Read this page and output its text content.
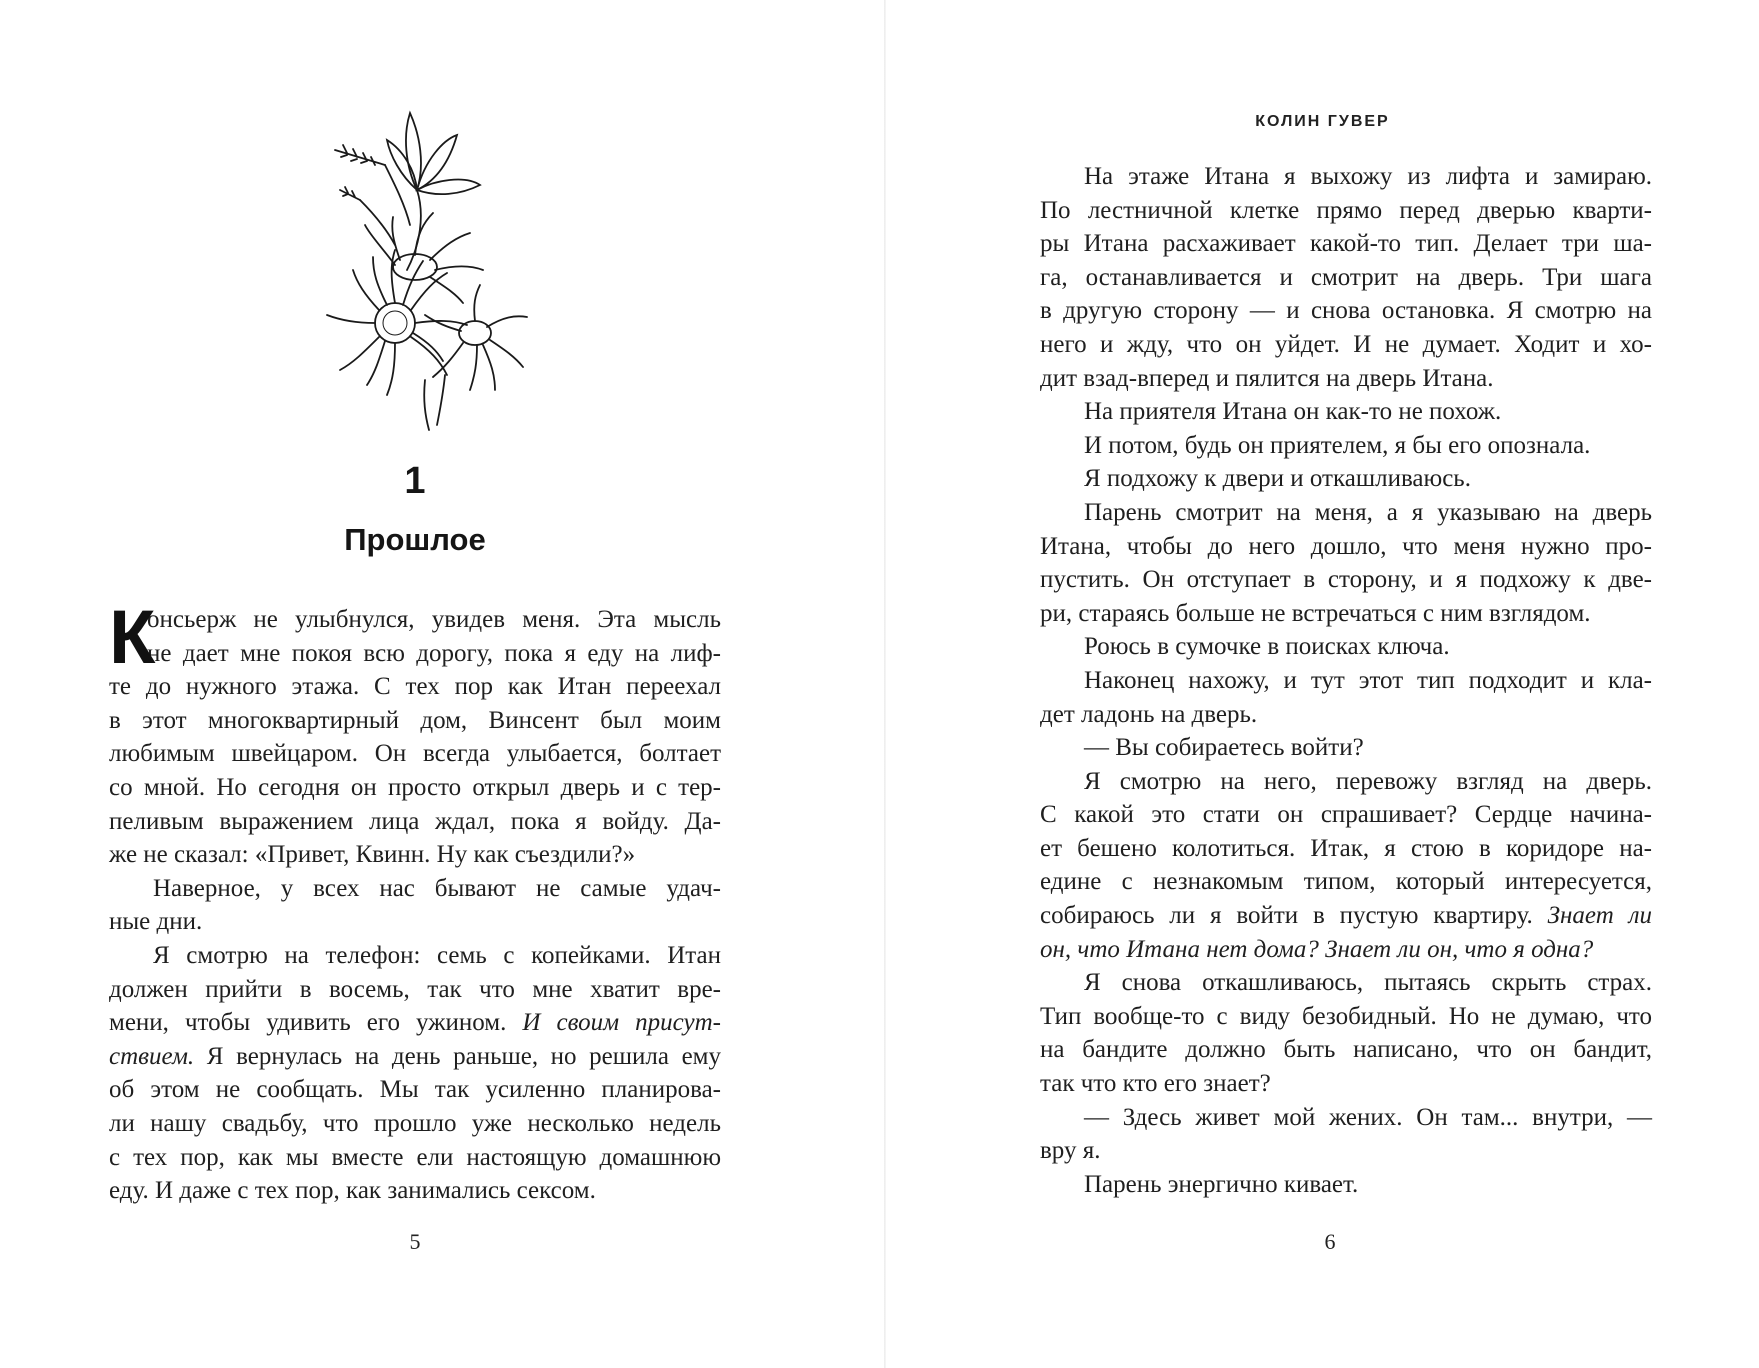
1
Прошлое
К
онсьерж не улыбнулся, увидев меня. Эта мысль
не дает мне покоя всю дорогу, пока я еду на лиф-
те до нужного этажа. С тех пор как Итан переехал
в этот многоквартирный дом, Винсент был моим
любимым швейцаром. Он всегда улыбается, болтает
со мной. Но сегодня он просто открыл дверь и с тер-
пеливым выражением лица ждал, пока я войду. Да-
же не сказал: «Привет, Квинн. Ну как съездили?»
Наверное, у всех нас бывают не самые удач-
ные дни.
Я смотрю на телефон: семь с копейками. Итан
должен прийти в восемь, так что мне хватит вре-
мени, чтобы удивить его ужином. И своим присут-
ствием. Я вернулась на день раньше, но решила ему
об этом не сообщать. Мы так усиленно планирова-
ли нашу свадьбу, что прошло уже несколько недель
с тех пор, как мы вместе ели настоящую домашнюю
еду. И даже с тех пор, как занимались сексом.
5
КОЛИН ГУВЕР
На этаже Итана я выхожу из лифта и замираю.
По лестничной клетке прямо перед дверью кварти-
ры Итана расхаживает какой-то тип. Делает три ша-
га, останавливается и смотрит на дверь. Три шага
в другую сторону — и снова остановка. Я смотрю на
него и жду, что он уйдет. И не думает. Ходит и хо-
дит взад-вперед и пялится на дверь Итана.
На приятеля Итана он как-то не похож.
И потом, будь он приятелем, я бы его опознала.
Я подхожу к двери и откашливаюсь.
Парень смотрит на меня, а я указываю на дверь
Итана, чтобы до него дошло, что меня нужно про-
пустить. Он отступает в сторону, и я подхожу к две-
ри, стараясь больше не встречаться с ним взглядом.
Роюсь в сумочке в поисках ключа.
Наконец нахожу, и тут этот тип подходит и кла-
дет ладонь на дверь.
— Вы собираетесь войти?
Я смотрю на него, перевожу взгляд на дверь.
С какой это стати он спрашивает? Сердце начина-
ет бешено колотиться. Итак, я стою в коридоре на-
едине с незнакомым типом, который интересуется,
собираюсь ли я войти в пустую квартиру. Знает ли
он, что Итана нет дома? Знает ли он, что я одна?
Я снова откашливаюсь, пытаясь скрыть страх.
Тип вообще-то с виду безобидный. Но не думаю, что
на бандите должно быть написано, что он бандит,
так что кто его знает?
— Здесь живет мой жених. Он там... внутри, —
вру я.
Парень энергично кивает.
6
